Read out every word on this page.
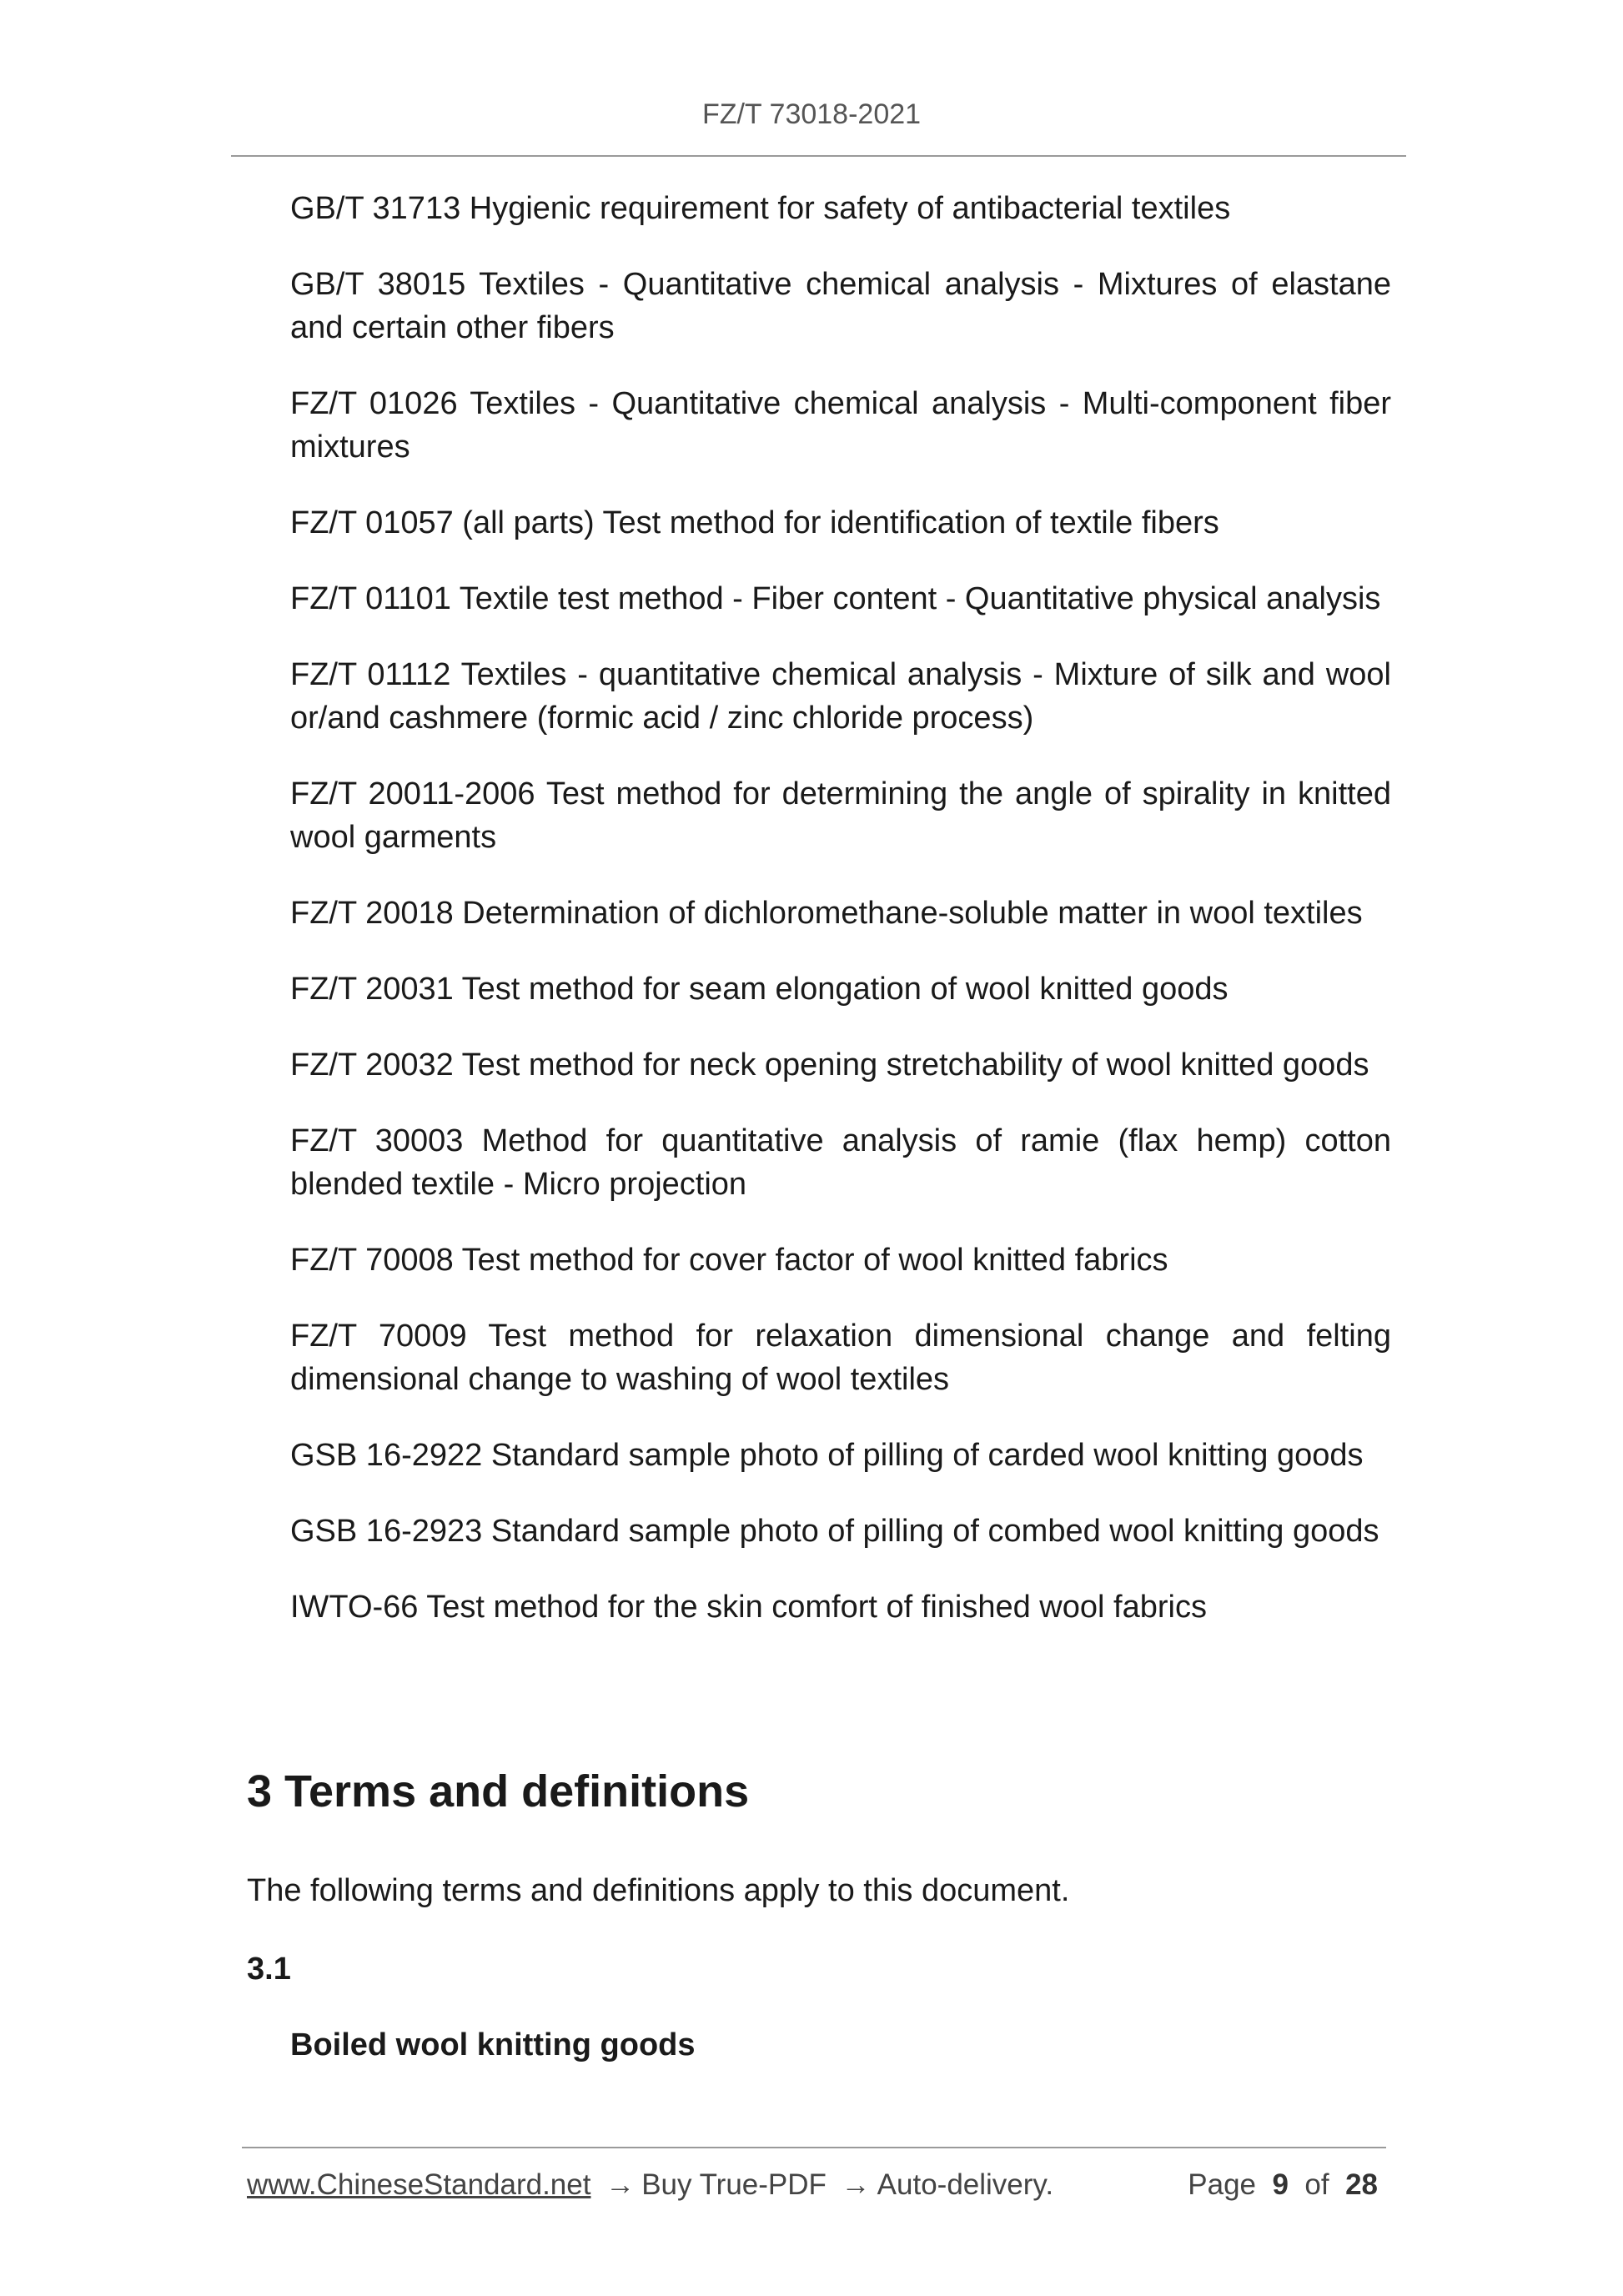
FZ/T 73018-2021

GB/T 31713 Hygienic requirement for safety of antibacterial textiles

GB/T 38015 Textiles - Quantitative chemical analysis - Mixtures of elastane and certain other fibers

FZ/T 01026 Textiles - Quantitative chemical analysis - Multi-component fiber mixtures

FZ/T 01057 (all parts) Test method for identification of textile fibers

FZ/T 01101 Textile test method - Fiber content - Quantitative physical analysis

FZ/T 01112 Textiles - quantitative chemical analysis - Mixture of silk and wool or/and cashmere (formic acid / zinc chloride process)

FZ/T 20011-2006 Test method for determining the angle of spirality in knitted wool garments

FZ/T 20018 Determination of dichloromethane-soluble matter in wool textiles

FZ/T 20031 Test method for seam elongation of wool knitted goods

FZ/T 20032 Test method for neck opening stretchability of wool knitted goods

FZ/T 30003 Method for quantitative analysis of ramie (flax hemp) cotton blended textile - Micro projection

FZ/T 70008 Test method for cover factor of wool knitted fabrics

FZ/T 70009 Test method for relaxation dimensional change and felting dimensional change to washing of wool textiles

GSB 16-2922 Standard sample photo of pilling of carded wool knitting goods

GSB 16-2923 Standard sample photo of pilling of combed wool knitting goods

IWTO-66 Test method for the skin comfort of finished wool fabrics

3 Terms and definitions

The following terms and definitions apply to this document.

3.1

Boiled wool knitting goods

www.ChineseStandard.net → Buy True-PDF → Auto-delivery.	Page 9 of 28
